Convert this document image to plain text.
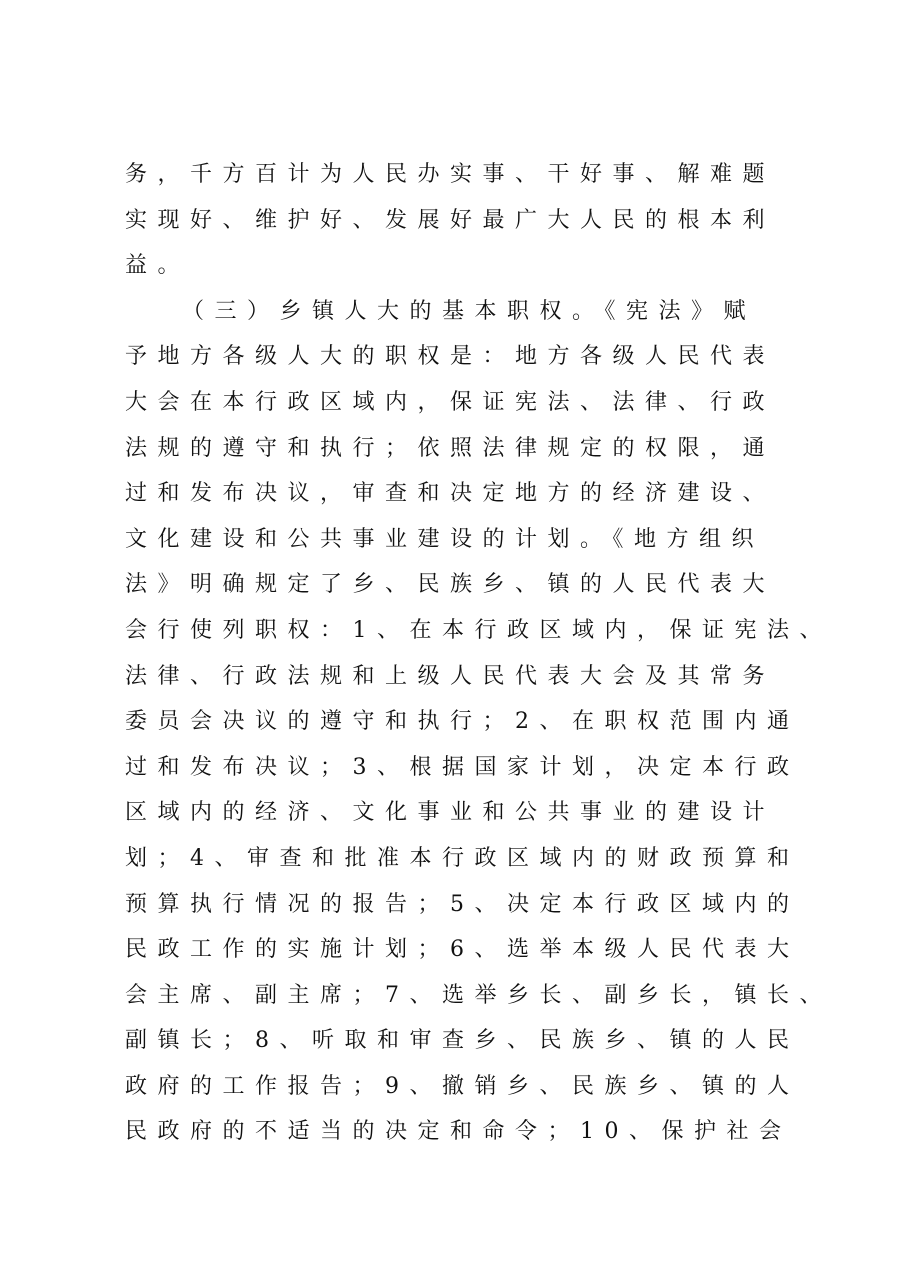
务，千方百计为人民办实事、干好事、解难题
实现好、维护好、发展好最广大人民的根本利
益。
（三）乡镇人大的基本职权。《宪法》赋
予地方各级人大的职权是：地方各级人民代表
大会在本行政区域内，保证宪法、法律、行政
法规的遵守和执行；依照法律规定的权限，通
过和发布决议，审查和决定地方的经济建设、
文化建设和公共事业建设的计划。《地方组织
法》明确规定了乡、民族乡、镇的人民代表大
会行使列职权：1、在本行政区域内，保证宪法、
法律、行政法规和上级人民代表大会及其常务
委员会决议的遵守和执行；2、在职权范围内通
过和发布决议；3、根据国家计划，决定本行政
区域内的经济、文化事业和公共事业的建设计
划；4、审查和批准本行政区域内的财政预算和
预算执行情况的报告；5、决定本行政区域内的
民政工作的实施计划；6、选举本级人民代表大
会主席、副主席；7、选举乡长、副乡长，镇长、
副镇长；8、听取和审查乡、民族乡、镇的人民
政府的工作报告；9、撤销乡、民族乡、镇的人
民政府的不适当的决定和命令；10、保护社会
